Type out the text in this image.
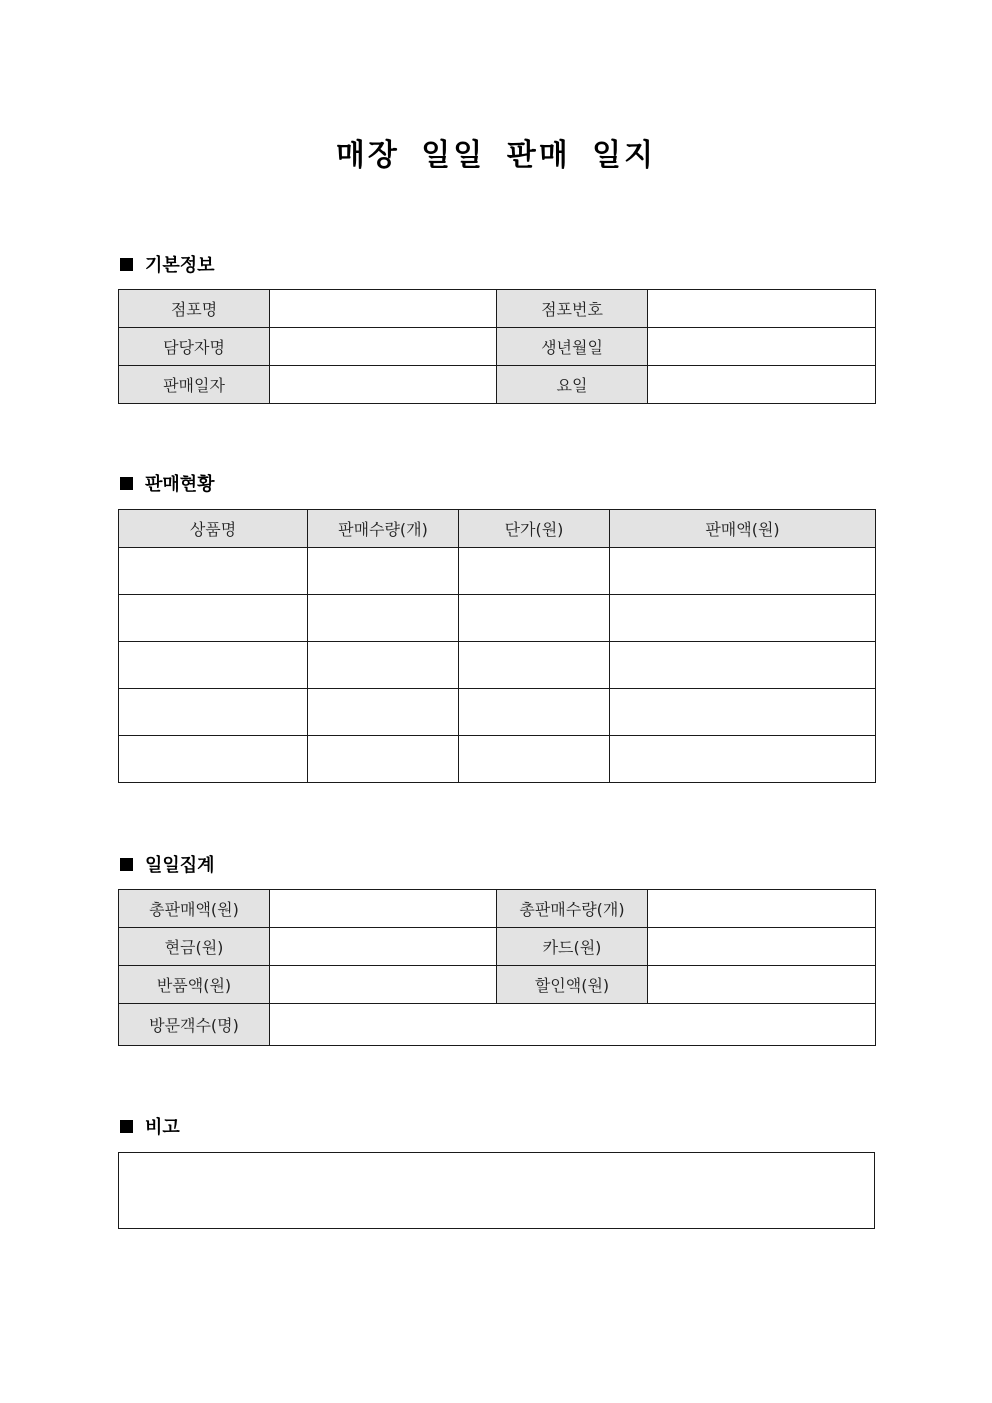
매장 일일 판매 일지
기본정보
점포명		점포번호	
담당자명		생년월일	
판매일자		요일	
판매현황
상품명	판매수량(개)	단가(원)	판매액(원)

일일집계
총판매액(원)		총판매수량(개)	
현금(원)		카드(원)	
반품액(원)		할인액(원)	
방문객수(명)			
비고
